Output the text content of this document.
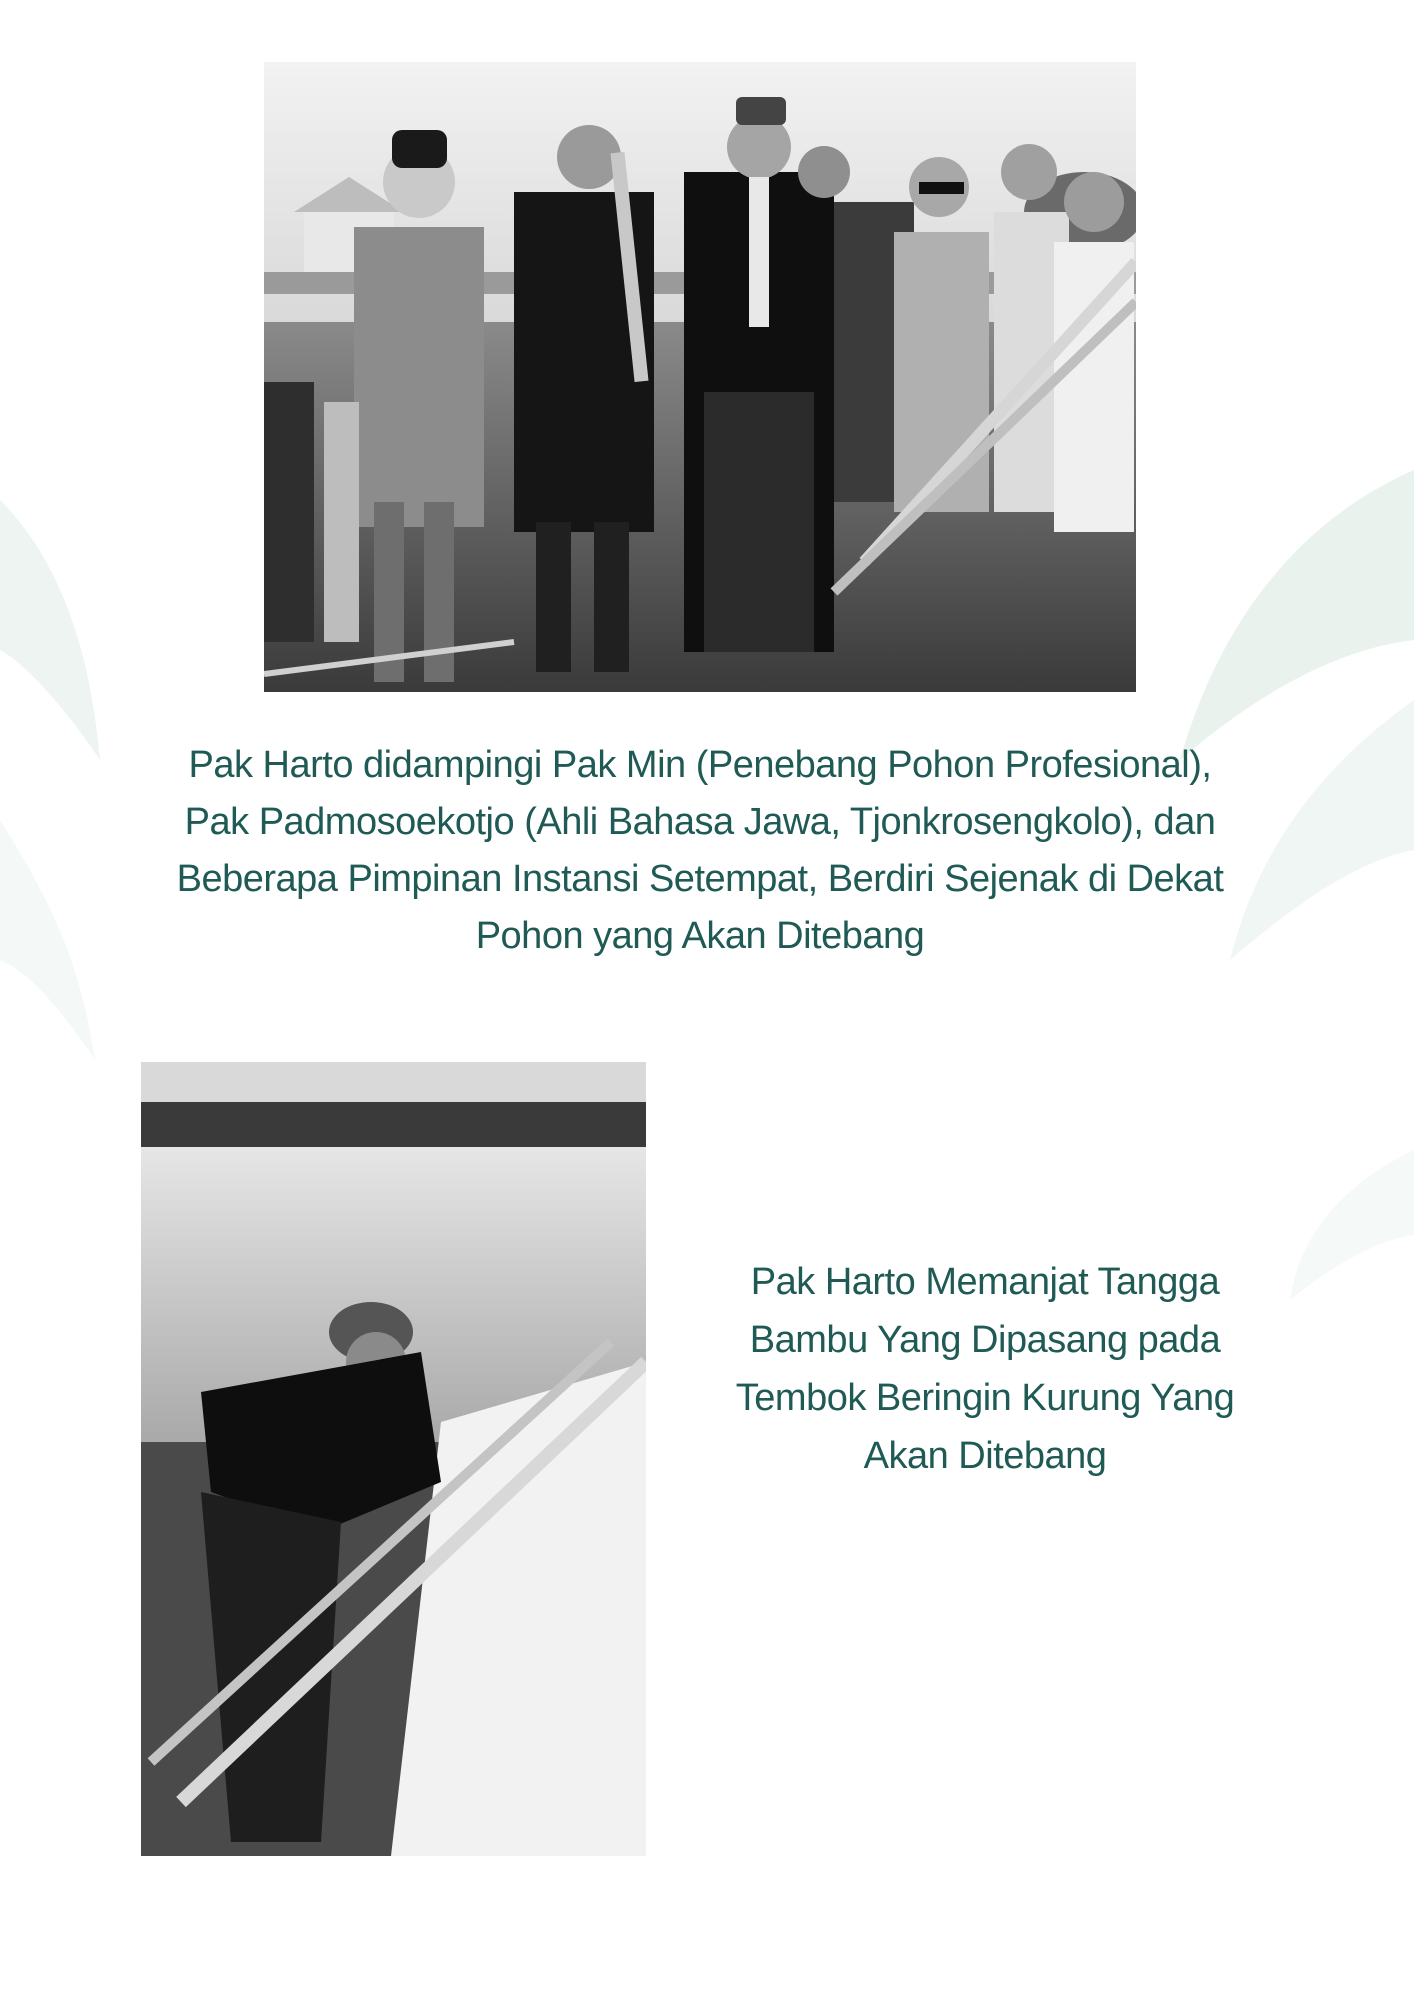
Pak Harto didampingi Pak Min (Penebang Pohon Profesional),
Pak Padmosoekotjo (Ahli Bahasa Jawa, Tjonkrosengkolo), dan
Beberapa Pimpinan Instansi Setempat, Berdiri Sejenak di Dekat
Pohon yang Akan Ditebang
Pak Harto Memanjat Tangga
Bambu Yang Dipasang pada
Tembok Beringin Kurung Yang
Akan Ditebang
